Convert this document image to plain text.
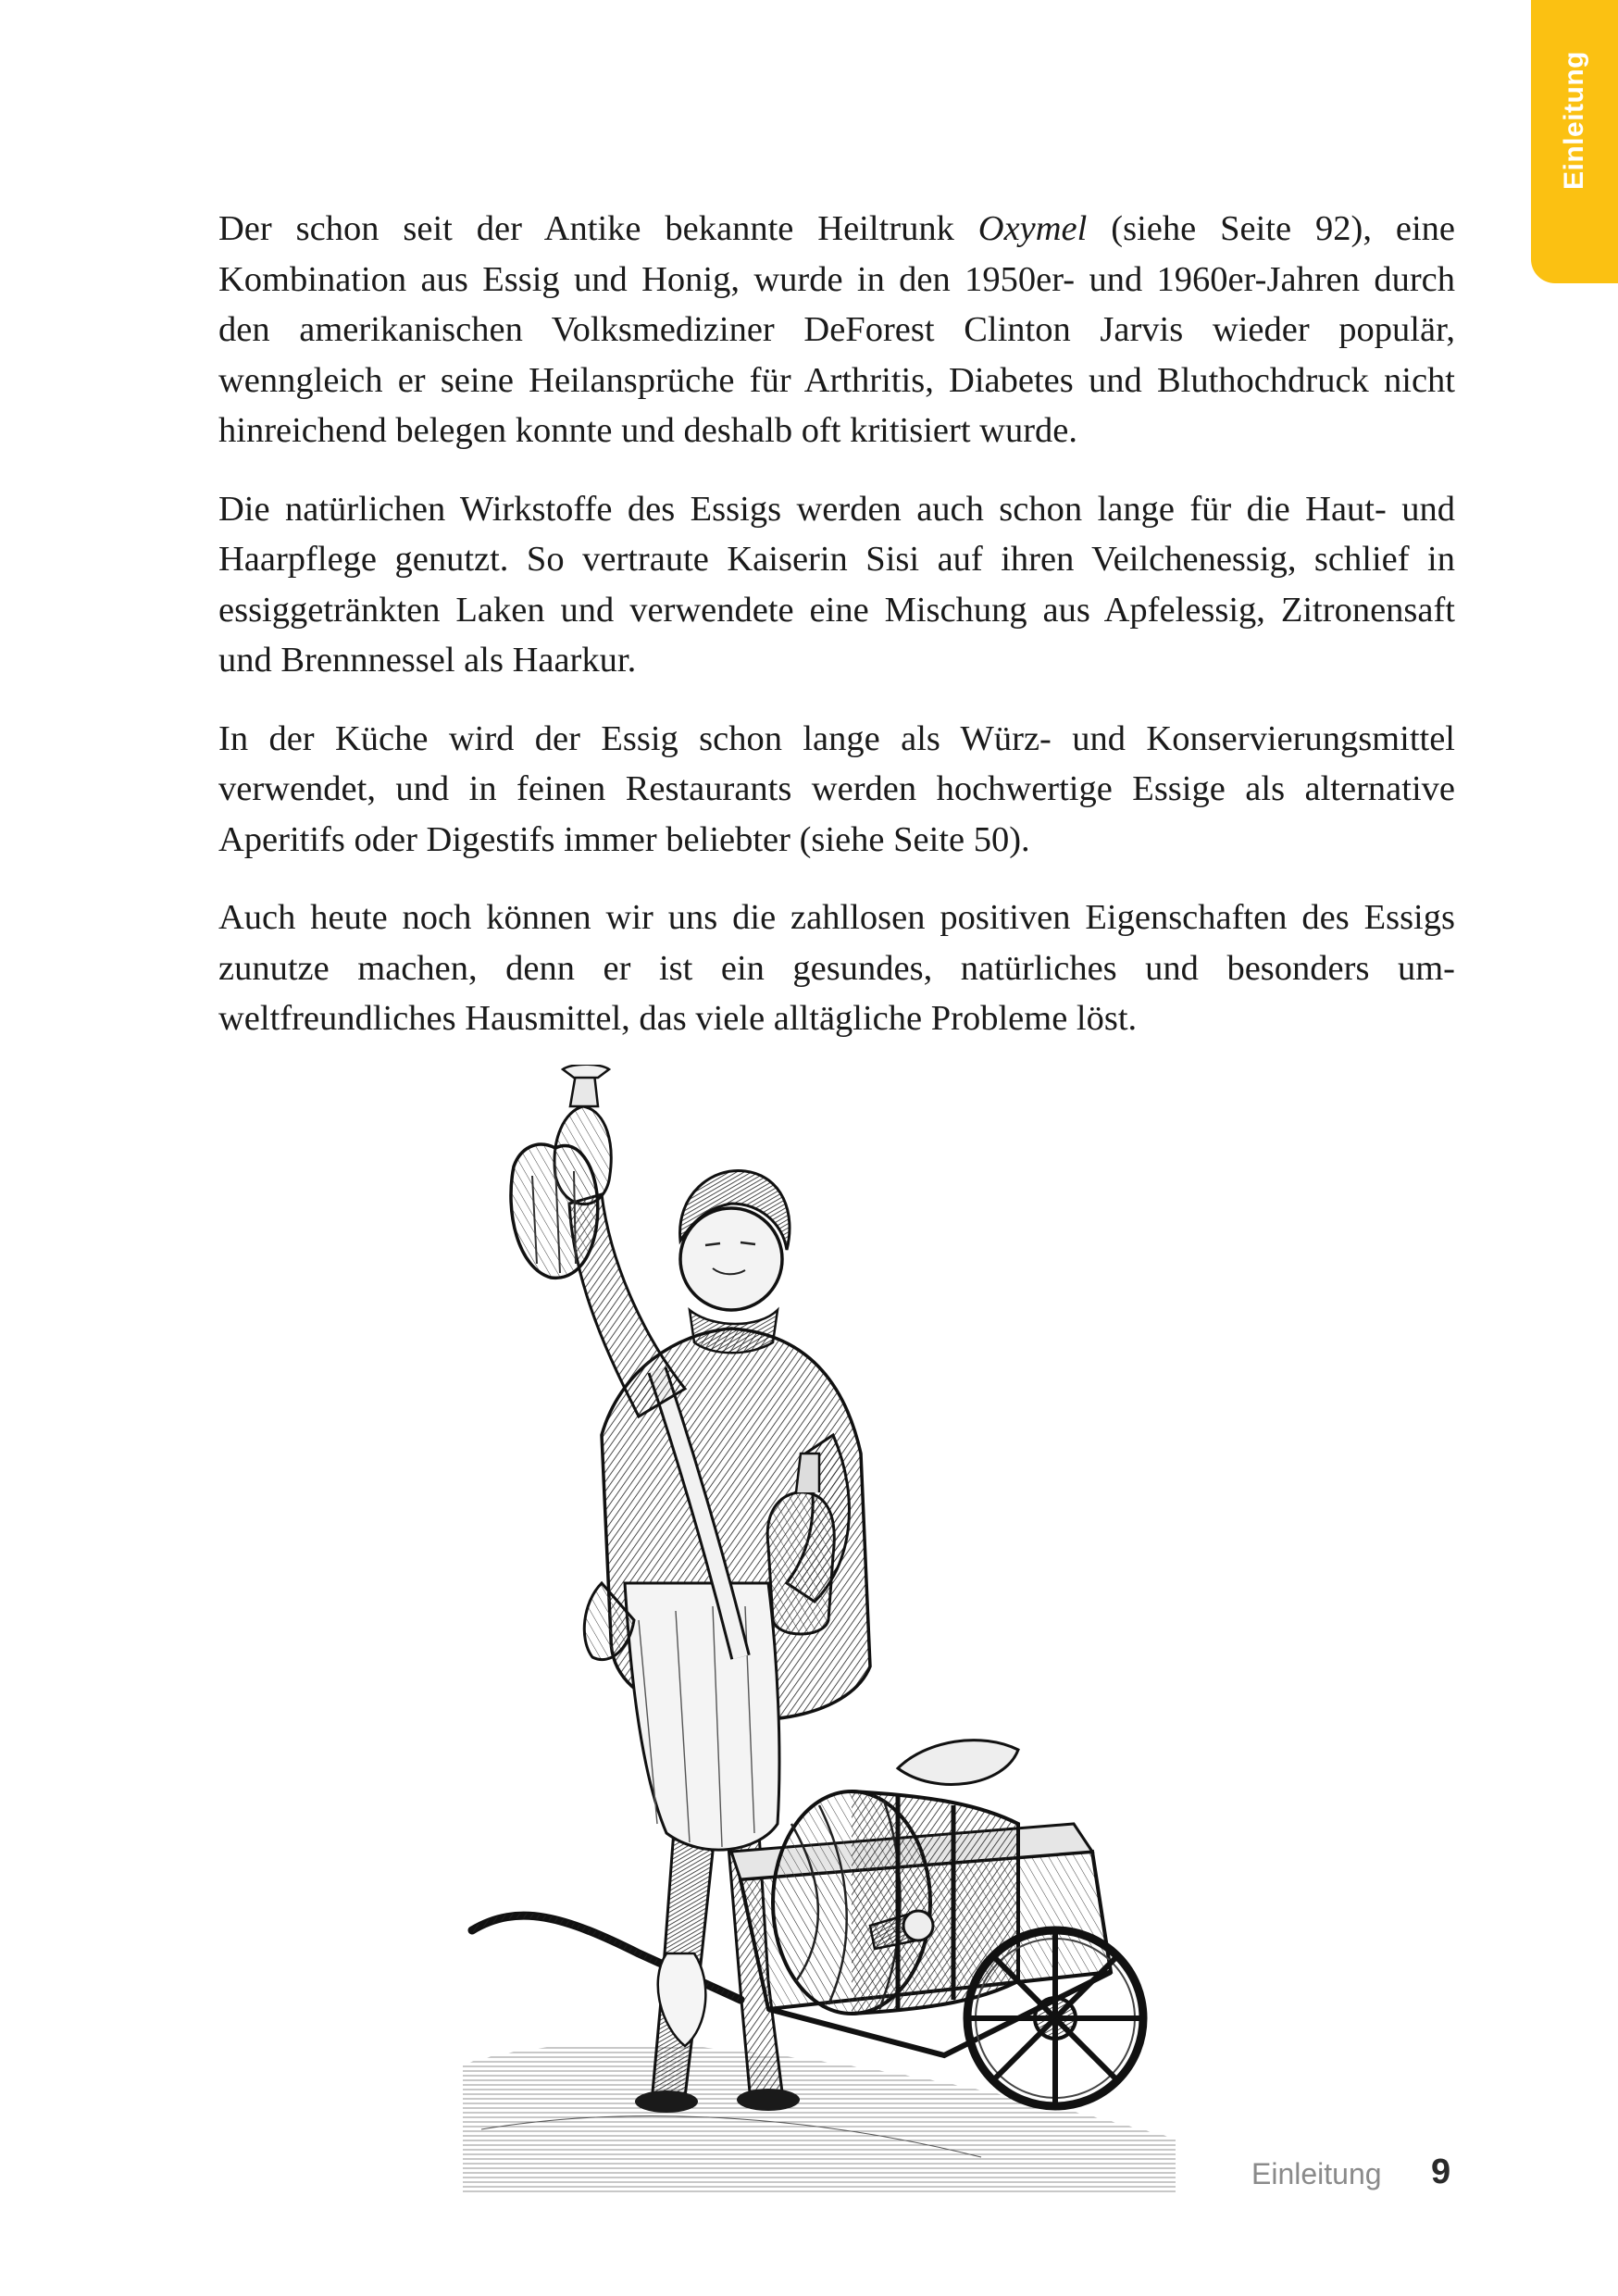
Einleitung

Der schon seit der Antike bekannte Heiltrunk Oxymel (siehe Seite 92), eine Kombination aus Essig und Honig, wurde in den 1950er- und 1960er-Jahren durch den amerikanischen Volksmediziner DeForest Clinton Jarvis wieder populär, wenngleich er seine Heilansprüche für Arthritis, Diabetes und Bluthochdruck nicht hinreichend belegen konnte und deshalb oft kritisiert wurde.

Die natürlichen Wirkstoffe des Essigs werden auch schon lange für die Haut- und Haarpflege genutzt. So vertraute Kaiserin Sisi auf ihren Veilchenessig, schlief in essiggetränkten Laken und verwendete eine Mischung aus Apfelessig, Zitronensaft und Brennnessel als Haarkur.

In der Küche wird der Essig schon lange als Würz- und Konservierungsmittel verwendet, und in feinen Restaurants werden hochwertige Essige als alternative Aperitifs oder Digestifs immer beliebter (siehe Seite 50).

Auch heute noch können wir uns die zahllosen positiven Eigenschaften des Essigs zunutze machen, denn er ist ein gesundes, natürliches und besonders umweltfreundliches Hausmittel, das viele alltägliche Probleme löst.

Einleitung 9
